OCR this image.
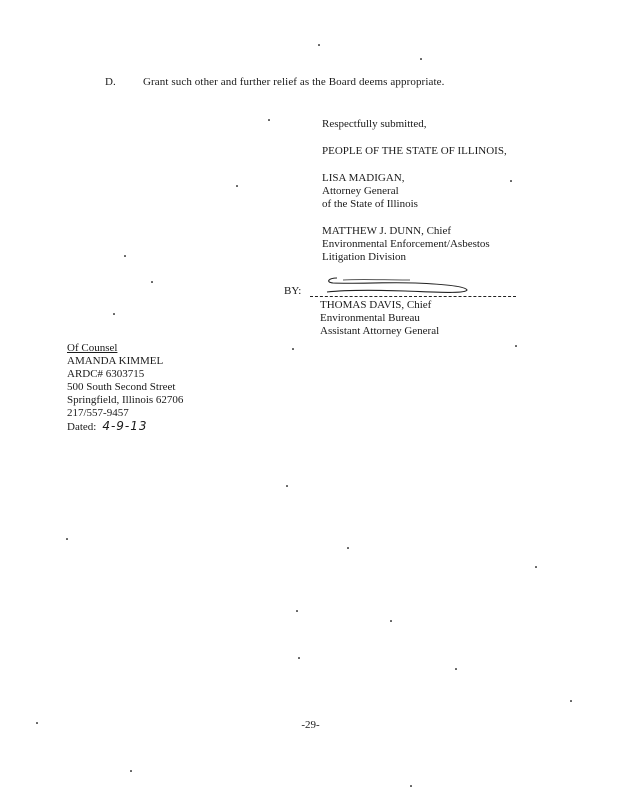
D. Grant such other and further relief as the Board deems appropriate.
Respectfully submitted,
PEOPLE OF THE STATE OF ILLINOIS,
LISA MADIGAN,
Attorney General
of the State of Illinois
MATTHEW J. DUNN, Chief
Environmental Enforcement/Asbestos
Litigation Division
BY:
THOMAS DAVIS, Chief
Environmental Bureau
Assistant Attorney General
Of Counsel
AMANDA KIMMEL
ARDC# 6303715
500 South Second Street
Springfield, Illinois 62706
217/557-9457
Dated: 4-9-13
-29-
